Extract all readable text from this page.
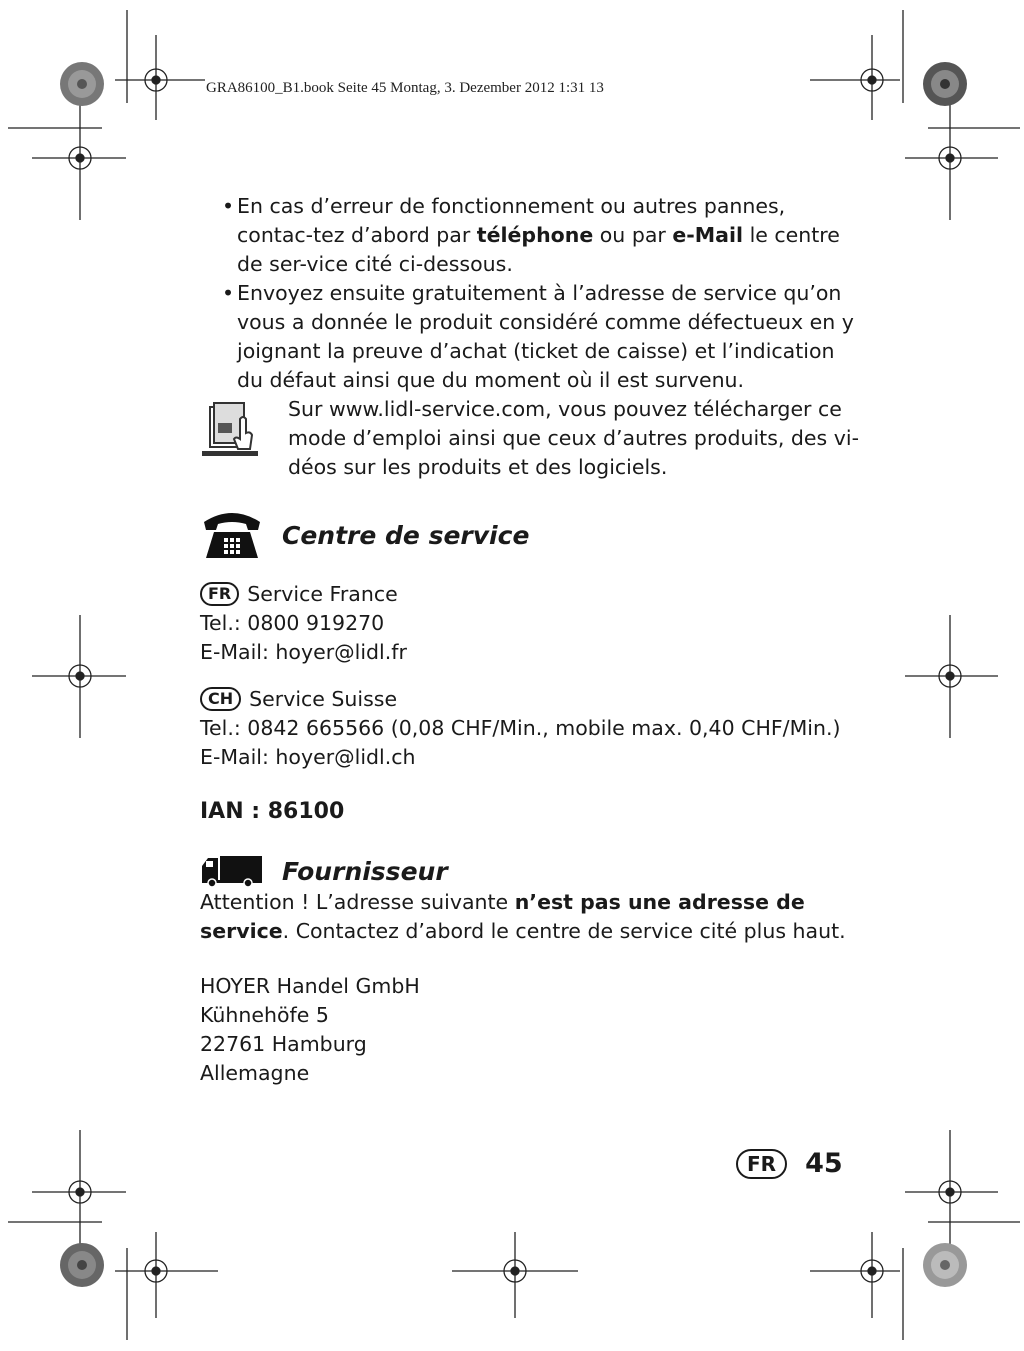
GRA86100_B1.book Seite 45 Montag, 3. Dezember 2012 1:31 13

• En cas d’erreur de fonctionnement ou autres pannes, contac-tez d’abord par téléphone ou par e-Mail le centre de ser-vice cité ci-dessous.

• Envoyez ensuite gratuitement à l’adresse de service qu’on vous a donnée le produit considéré comme défectueux en y joignant la preuve d’achat (ticket de caisse) et l’indication du défaut ainsi que du moment où il est survenu.

Sur www.lidl-service.com, vous pouvez télécharger ce mode d’emploi ainsi que ceux d’autres produits, des vi-déos sur les produits et des logiciels.
Centre de service

FR Service France

Tel.: 0800 919270

E-Mail: hoyer@lidl.fr

CH Service Suisse

Tel.: 0842 665566 (0,08 CHF/Min., mobile max. 0,40 CHF/Min.)

E-Mail: hoyer@lidl.ch

IAN : 86100
Fournisseur

Attention ! L’adresse suivante n’est pas une adresse de service. Contactez d’abord le centre de service cité plus haut.

HOYER Handel GmbH

Kühnehöfe 5

22761 Hamburg

Allemagne

FR	45
